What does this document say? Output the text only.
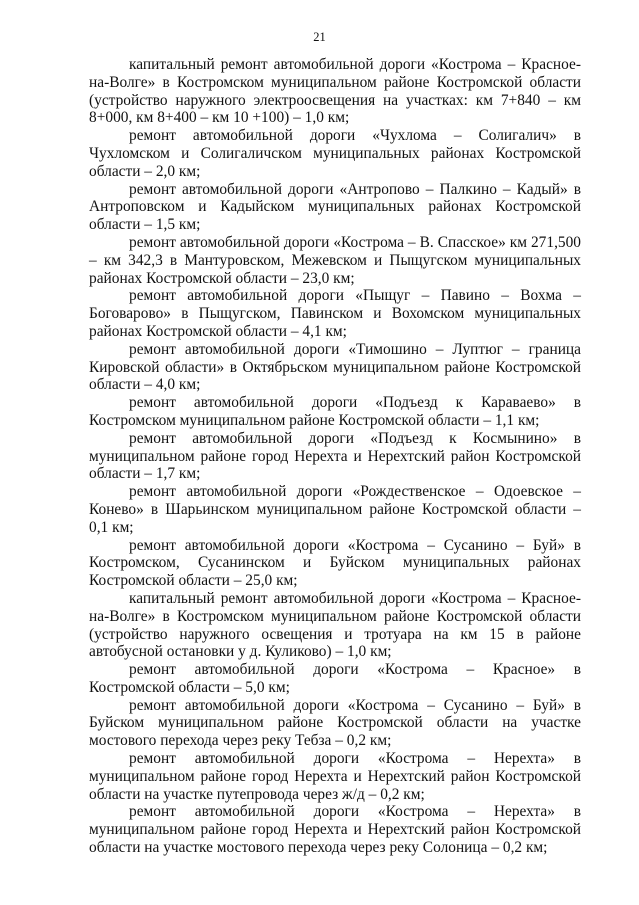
21

капитальный ремонт автомобильной дороги «Кострома – Красное-на-Волге» в Костромском муниципальном районе Костромской области (устройство наружного электроосвещения на участках: км 7+840 – км 8+000, км 8+400 – км 10 +100) – 1,0 км;

ремонт автомобильной дороги «Чухлома – Солигалич» в Чухломском и Солигаличском муниципальных районах Костромской области – 2,0 км;

ремонт автомобильной дороги «Антропово – Палкино – Кадый» в Антроповском и Кадыйском муниципальных районах Костромской области – 1,5 км;

ремонт автомобильной дороги «Кострома – В. Спасское» км 271,500 – км 342,3 в Мантуровском, Межевском и Пыщугском муниципальных районах Костромской области – 23,0 км;

ремонт автомобильной дороги «Пыщуг – Павино – Вохма – Боговарово» в Пыщугском, Павинском и Вохомском муниципальных районах Костромской области – 4,1 км;

ремонт автомобильной дороги «Тимошино – Луптюг – граница Кировской области» в Октябрьском муниципальном районе Костромской области – 4,0 км;

ремонт автомобильной дороги «Подъезд к Караваево» в Костромском муниципальном районе Костромской области – 1,1 км;

ремонт автомобильной дороги «Подъезд к Космынино» в муниципальном районе город Нерехта и Нерехтский район Костромской области – 1,7 км;

ремонт автомобильной дороги «Рождественское – Одоевское – Конево» в Шарьинском муниципальном районе Костромской области – 0,1 км;

ремонт автомобильной дороги «Кострома – Сусанино – Буй» в Костромском, Сусанинском и Буйском муниципальных районах Костромской области – 25,0 км;

капитальный ремонт автомобильной дороги «Кострома – Красное-на-Волге» в Костромском муниципальном районе Костромской области (устройство наружного освещения и тротуара на км 15 в районе автобусной остановки у д. Куликово) – 1,0 км;

ремонт автомобильной дороги «Кострома – Красное» в Костромской области – 5,0 км;

ремонт автомобильной дороги «Кострома – Сусанино – Буй» в Буйском муниципальном районе Костромской области на участке мостового перехода через реку Тебза – 0,2 км;

ремонт автомобильной дороги «Кострома – Нерехта» в муниципальном районе город Нерехта и Нерехтский район Костромской области на участке путепровода через ж/д – 0,2 км;

ремонт автомобильной дороги «Кострома – Нерехта» в муниципальном районе город Нерехта и Нерехтский район Костромской области на участке мостового перехода через реку Солоница – 0,2 км;
